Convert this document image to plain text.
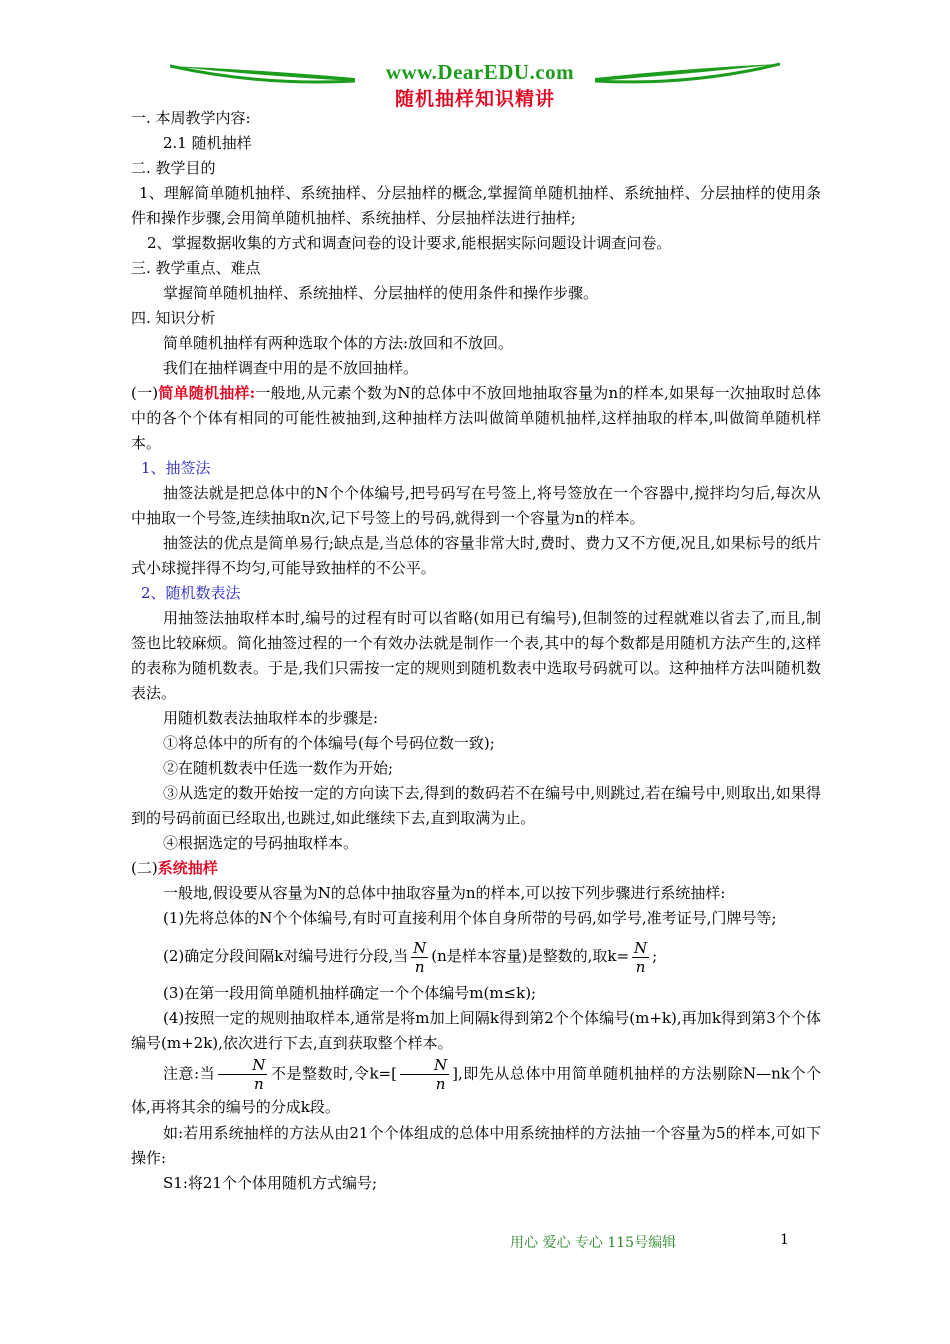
www.DearEDU.com
随机抽样知识精讲

一. 本周教学内容:

2.1 随机抽样

二. 教学目的

1、理解简单随机抽样、系统抽样、分层抽样的概念,掌握简单随机抽样、系统抽样、分层抽样的使用条件和操作步骤,会用简单随机抽样、系统抽样、分层抽样法进行抽样;

2、掌握数据收集的方式和调查问卷的设计要求,能根据实际问题设计调查问卷。

三. 教学重点、难点

掌握简单随机抽样、系统抽样、分层抽样的使用条件和操作步骤。

四. 知识分析

简单随机抽样有两种选取个体的方法:放回和不放回。

我们在抽样调查中用的是不放回抽样。

(一)简单随机抽样:一般地,从元素个数为N的总体中不放回地抽取容量为n的样本,如果每一次抽取时总体中的各个个体有相同的可能性被抽到,这种抽样方法叫做简单随机抽样,这样抽取的样本,叫做简单随机样本。

1、抽签法

抽签法就是把总体中的N个个体编号,把号码写在号签上,将号签放在一个容器中,搅拌均匀后,每次从中抽取一个号签,连续抽取n次,记下号签上的号码,就得到一个容量为n的样本。

抽签法的优点是简单易行;缺点是,当总体的容量非常大时,费时、费力又不方便,况且,如果标号的纸片式小球搅拌得不均匀,可能导致抽样的不公平。

2、随机数表法

用抽签法抽取样本时,编号的过程有时可以省略(如用已有编号),但制签的过程就难以省去了,而且,制签也比较麻烦。简化抽签过程的一个有效办法就是制作一个表,其中的每个数都是用随机方法产生的,这样的表称为随机数表。于是,我们只需按一定的规则到随机数表中选取号码就可以。这种抽样方法叫随机数表法。

用随机数表法抽取样本的步骤是:

①将总体中的所有的个体编号(每个号码位数一致);

②在随机数表中任选一数作为开始;

③从选定的数开始按一定的方向读下去,得到的数码若不在编号中,则跳过,若在编号中,则取出,如果得到的号码前面已经取出,也跳过,如此继续下去,直到取满为止。

④根据选定的号码抽取样本。

(二)系统抽样

一般地,假设要从容量为N的总体中抽取容量为n的样本,可以按下列步骤进行系统抽样:

(1)先将总体的N个个体编号,有时可直接利用个体自身所带的号码,如学号,准考证号,门牌号等;

(2)确定分段间隔k对编号进行分段,当 $\frac{N}{n} (n$是样本容量)是整数的,取$k= \frac{N}{n}$ ;

(3)在第一段用简单随机抽样确定一个个体编号m(m≤k);

(4)按照一定的规则抽取样本,通常是将m加上间隔k得到第2个个体编号(m+k),再加k得到第3个个体编号(m+2k),依次进行下去,直到获取整个样本。

注意:当 $\frac{N}{n}$ 不是整数时,令$k=[ \frac{N}{n}$ ],即先从总体中用简单随机抽样的方法剔除N—nk个个体,再将其余的编号的分成k段。

如:若用系统抽样的方法从由21个个体组成的总体中用系统抽样的方法抽一个容量为5的样本,可如下操作:

S1:将21个个体用随机方式编号;

用心 爱心 专心 115号编辑	1
